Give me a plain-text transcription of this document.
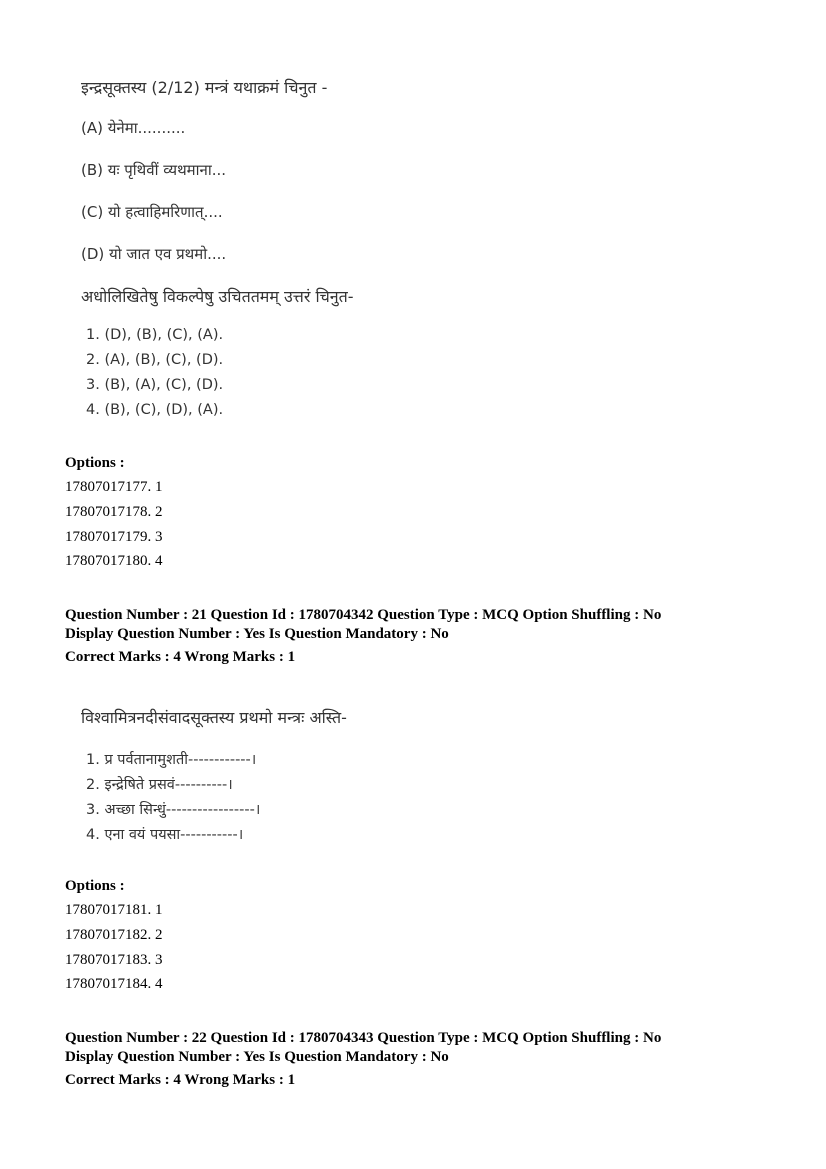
इन्द्रसूक्तस्य (2/12) मन्त्रं यथाक्रमं चिनुत -
(A) येनेमा..........
(B) यः पृथिवीं व्यथमाना...
(C) यो हत्वाहिमरिणात्....
(D) यो जात एव प्रथमो....
अधोलिखितेषु विकल्पेषु उचिततमम् उत्तरं चिनुत-
1. (D), (B), (C), (A).
2. (A), (B), (C), (D).
3. (B), (A), (C), (D).
4. (B), (C), (D), (A).
Options :
17807017177. 1
17807017178. 2
17807017179. 3
17807017180. 4
Question Number : 21 Question Id : 1780704342 Question Type : MCQ Option Shuffling : No
Display Question Number : Yes Is Question Mandatory : No
Correct Marks : 4 Wrong Marks : 1
विश्वामित्रनदीसंवादसूक्तस्य प्रथमो मन्त्रः अस्ति-
1. प्र पर्वतानामुशती------------।
2. इन्द्रेषिते प्रसवं----------।
3. अच्छा सिन्धुं-----------------।
4. एना वयं पयसा-----------।
Options :
17807017181. 1
17807017182. 2
17807017183. 3
17807017184. 4
Question Number : 22 Question Id : 1780704343 Question Type : MCQ Option Shuffling : No
Display Question Number : Yes Is Question Mandatory : No
Correct Marks : 4 Wrong Marks : 1
